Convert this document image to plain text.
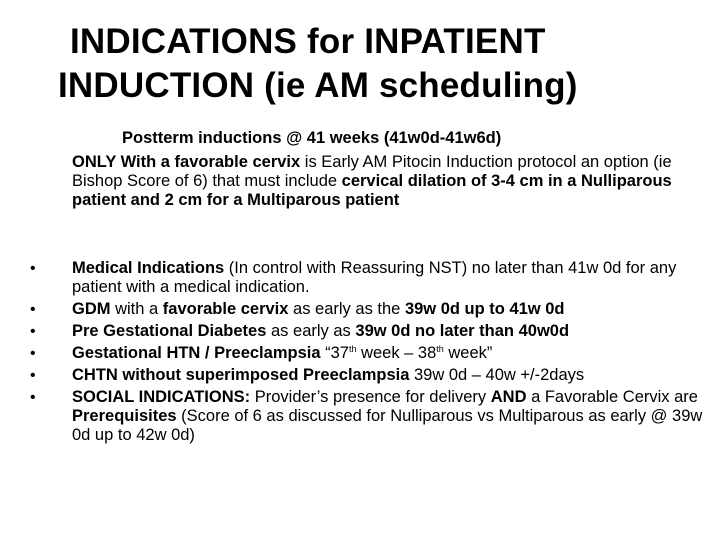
INDICATIONS for INPATIENT
INDUCTION (ie AM scheduling)
Postterm inductions @ 41 weeks (41w0d-41w6d)
ONLY With a favorable cervix is Early AM Pitocin Induction protocol an option (ie Bishop Score of 6) that must include cervical dilation of 3-4 cm in a Nulliparous patient and 2 cm for a Multiparous patient
• Medical Indications (In control with Reassuring NST) no later than 41w 0d for any patient with a medical indication.
• GDM with a favorable cervix as early as the 39w 0d up to 41w 0d
• Pre Gestational Diabetes as early as 39w 0d no later than 40w0d
• Gestational HTN / Preeclampsia “37th week – 38th week”
• CHTN without superimposed Preeclampsia 39w 0d – 40w +/-2days
• SOCIAL INDICATIONS: Provider’s presence for delivery AND a Favorable Cervix are Prerequisites (Score of 6 as discussed for Nulliparous vs Multiparous as early @ 39w 0d up to 42w 0d)
